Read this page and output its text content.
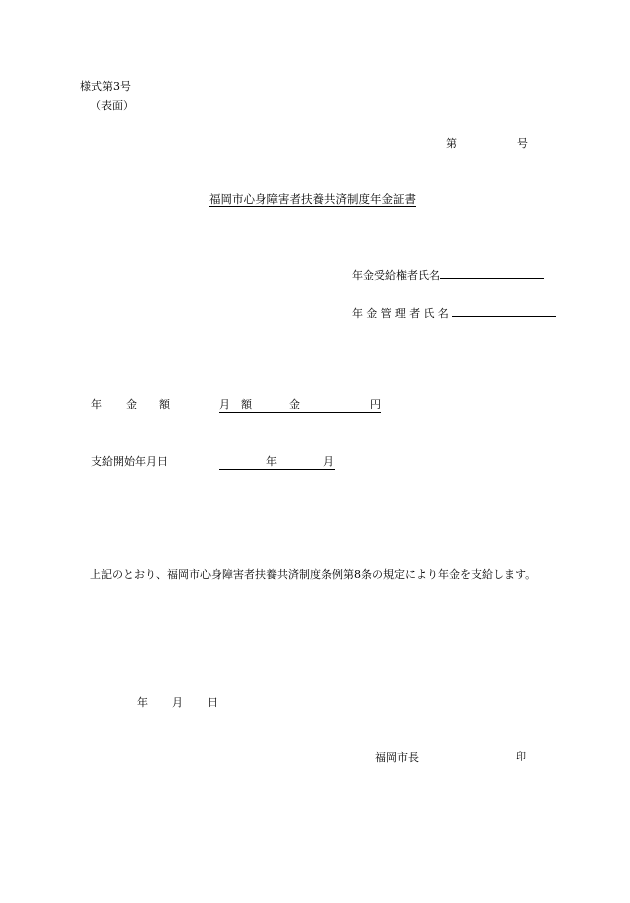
様式第3号
（表面）
第	号
福岡市心身障害者扶養共済制度年金証書
年金受給権者氏名
年金管理者氏名
年 金 額	月 額	金	円
支給開始年月日	年	月
上記のとおり、福岡市心身障害者扶養共済制度条例第8条の規定により年金を支給します。
年 月 日
福岡市長	印
